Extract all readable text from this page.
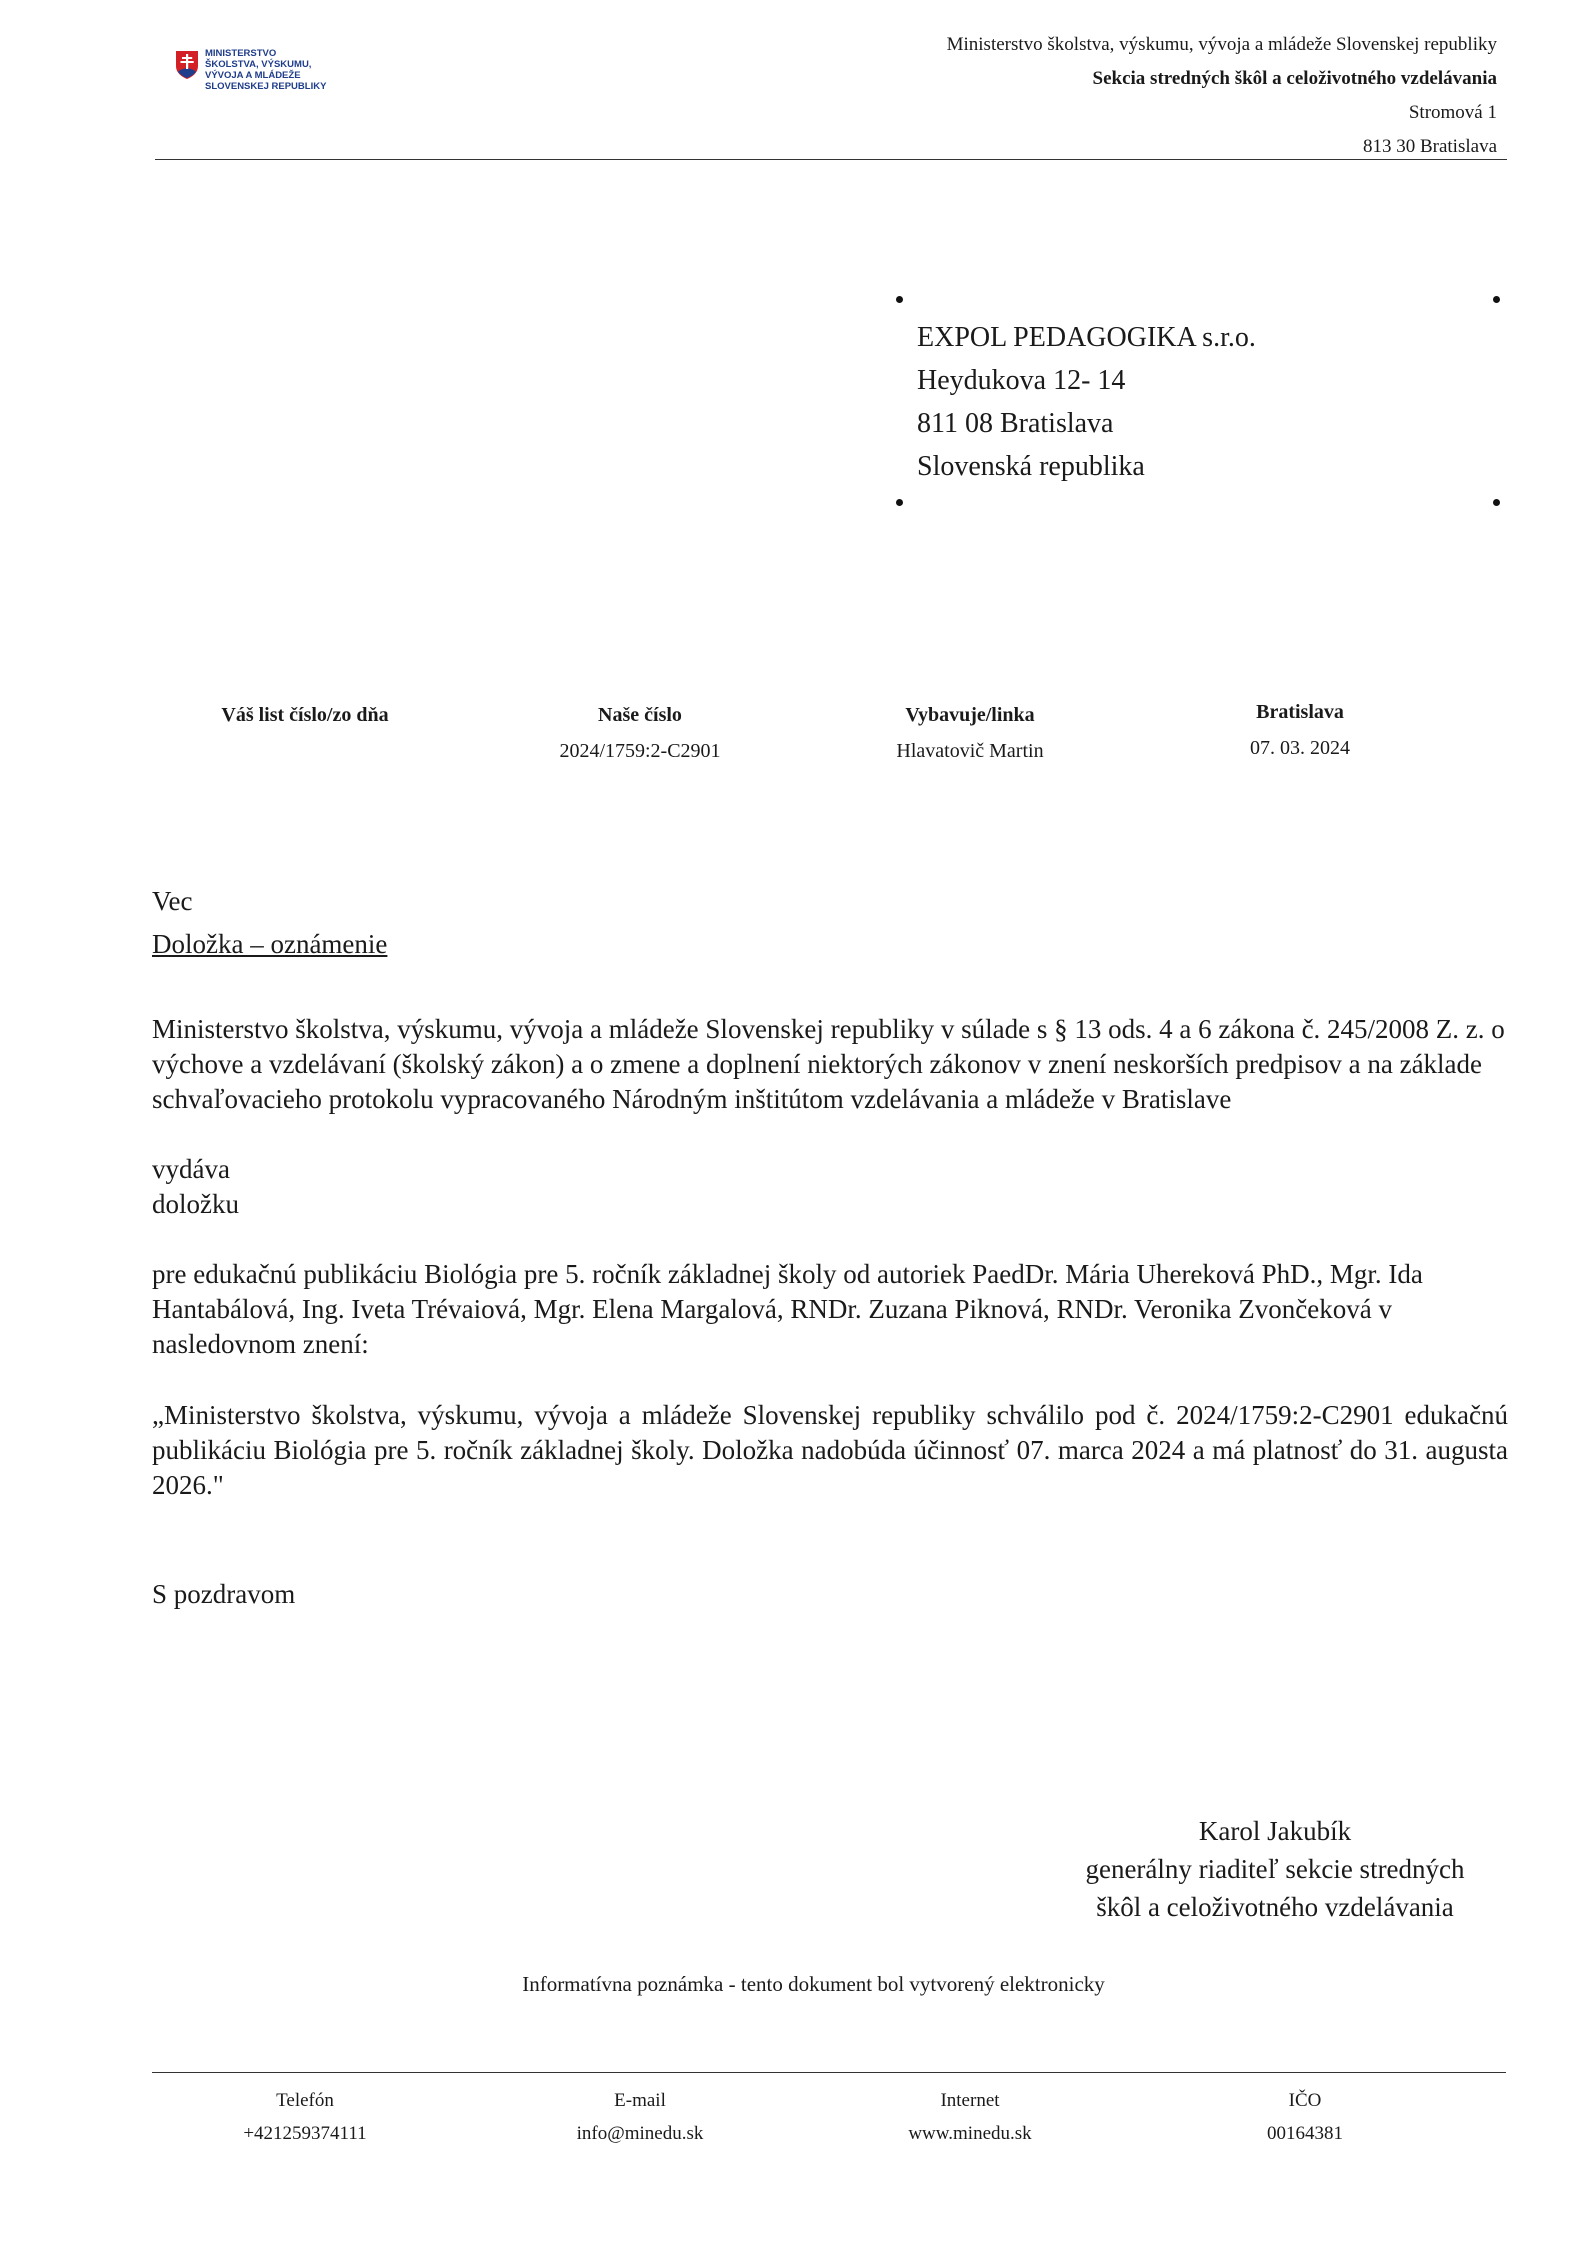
MINISTERSTVO
ŠKOLSTVA, VÝSKUMU,
VÝVOJA A MLÁDEŽE
SLOVENSKEJ REPUBLIKY
Ministerstvo školstva, výskumu, vývoja a mládeže Slovenskej republiky
Sekcia stredných škôl a celoživotného vzdelávania
Stromová 1
813 30 Bratislava
EXPOL PEDAGOGIKA s.r.o.
Heydukova 12- 14
811 08 Bratislava
Slovenská republika
Váš list číslo/zo dňa	Naše číslo
2024/1759:2-C2901
Vybavuje/linka
Hlavatovič Martin
Bratislava
07. 03. 2024
Vec
Doložka – oznámenie
Ministerstvo školstva, výskumu, vývoja a mládeže Slovenskej republiky v súlade s § 13 ods. 4 a 6 zákona č. 245/2008 Z. z. o výchove a vzdelávaní (školský zákon) a o zmene a doplnení niektorých zákonov v znení neskorších predpisov a na základe schvaľovacieho protokolu vypracovaného Národným inštitútom vzdelávania a mládeže v Bratislave
vydáva
doložku
pre edukačnú publikáciu Biológia pre 5. ročník základnej školy od autoriek PaedDr. Mária Uhereková PhD., Mgr. Ida Hantabálová, Ing. Iveta Trévaiová, Mgr. Elena Margalová, RNDr. Zuzana Piknová, RNDr. Veronika Zvončeková v nasledovnom znení:
„Ministerstvo školstva, výskumu, vývoja a mládeže Slovenskej republiky schválilo pod č. 2024/1759:2-C2901 edukačnú publikáciu Biológia pre 5. ročník základnej školy. Doložka nadobúda účinnosť 07. marca 2024 a má platnosť do 31. augusta 2026."
S pozdravom
Karol Jakubík
generálny riaditeľ sekcie stredných
škôl a celoživotného vzdelávania
Informatívna poznámka - tento dokument bol vytvorený elektronicky
Telefón
+421259374111
E-mail
info@minedu.sk
Internet
www.minedu.sk
IČO
00164381
